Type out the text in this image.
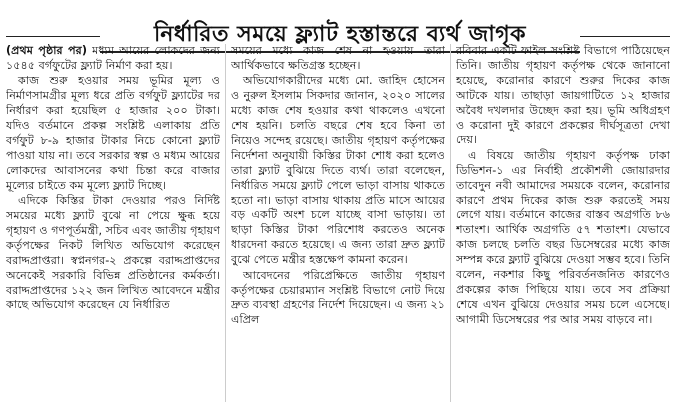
নির্ধারিত সময়ে ফ্ল্যাট হস্তান্তরে ব্যর্থ জাগৃক

(প্রথম পৃষ্ঠার পর) মধ্যম আয়ের লোকদের জন্য ১৫৪৫ বর্গফুটের ফ্ল্যাট নির্মাণ করা হয়।

কাজ শুরু হওয়ার সময় ভূমির মূল্য ও নির্মাণসামগ্রীর মূল্য ধরে প্রতি বর্গফুট ফ্ল্যাটের দর নির্ধারণ করা হয়েছিল ৫ হাজার ২০০ টাকা। যদিও বর্তমানে প্রকল্প সংশ্লিষ্ট এলাকায় প্রতি বর্গফুট ৮-৯ হাজার টাকার নিচে কোনো ফ্ল্যাট পাওয়া যায় না। তবে সরকার স্বল্প ও মধ্যম আয়ের লোকদের আবাসনের কথা চিন্তা করে বাজার মূল্যের চাইতে কম মূল্যে ফ্ল্যাট দিচ্ছে।

এদিকে কিস্তির টাকা দেওয়ার পরও নির্দিষ্ট সময়ের মধ্যে ফ্ল্যাট বুঝে না পেয়ে ক্ষুব্ধ হয়ে গৃহায়ণ ও গণপূর্তমন্ত্রী, সচিব এবং জাতীয় গৃহায়ণ কর্তৃপক্ষের নিকট লিখিত অভিযোগ করেছেন বরাদ্দপ্রাপ্তরা। স্বপ্ননগর-২ প্রকল্পে বরাদ্দপ্রাপ্তদের অনেকেই সরকারি বিভিন্ন প্রতিষ্ঠানের কর্মকর্তা। বরাদ্দপ্রাপ্তদের ১২২ জন লিখিত আবেদনে মন্ত্রীর কাছে অভিযোগ করেছেন যে নির্ধারিত

সময়ের মধ্যে কাজ শেষ না হওয়ায় তারা আর্থিকভাবে ক্ষতিগ্রস্ত হচ্ছেন।

অভিযোগকারীদের মধ্যে মো. জাহিদ হোসেন ও নুরুল ইসলাম সিকদার জানান, ২০২০ সালের মধ্যে কাজ শেষ হওয়ার কথা থাকলেও এখনো শেষ হয়নি। চলতি বছরে শেষ হবে কিনা তা নিয়েও সন্দেহ রয়েছে। জাতীয় গৃহায়ণ কর্তৃপক্ষের নির্দেশনা অনুযায়ী কিস্তির টাকা শোধ করা হলেও তারা ফ্ল্যাট বুঝিয়ে দিতে ব্যর্থ। তারা বলেছেন, নির্ধারিত সময়ে ফ্ল্যাট পেলে ভাড়া বাসায় থাকতে হতো না। ভাড়া বাসায় থাকায় প্রতি মাসে আয়ের বড় একটি অংশ চলে যাচ্ছে বাসা ভাড়ায়। তা ছাড়া কিস্তির টাকা পরিশোধ করতেও অনেক ধারদেনা করতে হয়েছে। এ জন্য তারা দ্রুত ফ্ল্যাট বুঝে পেতে মন্ত্রীর হস্তক্ষেপ কামনা করেন।

আবেদনের পরিপ্রেক্ষিতে জাতীয় গৃহায়ণ কর্তৃপক্ষের চেয়ারম্যান সংশ্লিষ্ট বিভাগে নোট দিয়ে দ্রুত ব্যবস্থা গ্রহণের নির্দেশ দিয়েছেন। এ জন্য ২১ এপ্রিল

রবিবার একটি ফাইল সংশ্লিষ্ট বিভাগে পাঠিয়েছেন তিনি। জাতীয় গৃহায়ণ কর্তৃপক্ষ থেকে জানানো হয়েছে, করোনার কারণে শুরুর দিকের কাজ আটকে যায়। তাছাড়া জায়গাটিতে ১২ হাজার অবৈধ দখলদার উচ্ছেদ করা হয়। ভূমি অধিগ্রহণ ও করোনা দুই কারণে প্রকল্পের দীর্ঘসূত্রতা দেখা দেয়।

এ বিষয়ে জাতীয় গৃহায়ণ কর্তৃপক্ষ ঢাকা ডিভিশন-১ এর নির্বাহী প্রকৌশলী জোয়ারদার তাবেদুন নবী আমাদের সময়কে বলেন, করোনার কারণে প্রথম দিকের কাজ শুরু করতেই সময় লেগে যায়। বর্তমানে কাজের বাস্তব অগ্রগতি ৮৬ শতাংশ। আর্থিক অগ্রগতি ৫৭ শতাংশ। যেভাবে কাজ চলছে চলতি বছর ডিসেম্বরের মধ্যে কাজ সম্পন্ন করে ফ্ল্যাট বুঝিয়ে দেওয়া সম্ভব হবে। তিনি বলেন, নকশার কিছু পরিবর্তনজনিত কারণেও প্রকল্পের কাজ পিছিয়ে যায়। তবে সব প্রক্রিয়া শেষে এখন বুঝিয়ে দেওয়ার সময় চলে এসেছে। আগামী ডিসেম্বরের পর আর সময় বাড়বে না।
